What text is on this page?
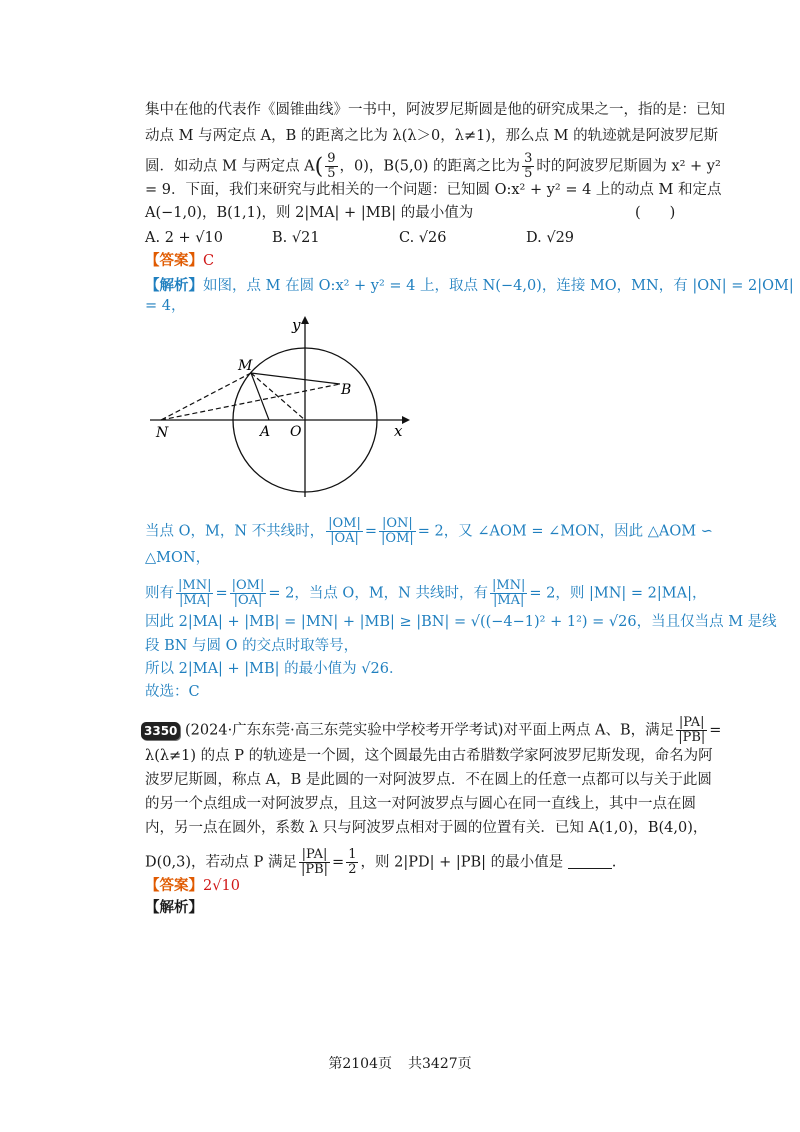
集中在他的代表作《圆锥曲线》一书中，阿波罗尼斯圆是他的研究成果之一，指的是：已知
动点 M 与两定点 A，B 的距离之比为 λ(λ＞0，λ≠1)，那么点 M 的轨迹就是阿波罗尼斯
圆．如动点 M 与两定点 $A( \frac{9}{5}$ ，0)，B(5,0) 的距离之比为 $\frac{3}{5}$ 时的阿波罗尼斯圆为 x² + y²
= 9．下面，我们来研究与此相关的一个问题：已知圆 O:x² + y² = 4 上的动点 M 和定点
A(−1,0)，B(1,1)，则 2|MA| + |MB| 的最小值为	(　　)
A. 2 + √10	B. √21	C. √26	D. √29
【答案】C
【解析】如图，点 M 在圆 O:x² + y² = 4 上，取点 N(−4,0)，连接 MO，MN，有 |ON| = 2|OM|
= 4，
y
x
M
B
N	A O
当点 O，M，N 不共线时， $\frac{|OM|}{|OA|} = \frac{|ON|}{|OM|} = 2$，又 ∠AOM = ∠MON，因此 △AOM ∽
△MON，
则有 $\frac{|MN|}{|MA|} = \frac{|OM|}{|OA|} = 2$，当点 O，M，N 共线时，有 $\frac{|MN|}{|MA|} = 2$，则 |MN| = 2|MA|，
因此 2|MA| + |MB| = |MN| + |MB| ≥ |BN| = √((−4−1)² + 1²) = √26，当且仅当点 M 是线
段 BN 与圆 O 的交点时取等号，
所以 2|MA| + |MB| 的最小值为 √26．
故选：C
3350 (2024·广东东莞·高三东莞实验中学校考开学考试)对平面上两点 A、B，满足 $\frac{|PA|}{|PB|}$ =
λ(λ≠1) 的点 P 的轨迹是一个圆，这个圆最先由古希腊数学家阿波罗尼斯发现，命名为阿
波罗尼斯圆，称点 A，B 是此圆的一对阿波罗点．不在圆上的任意一点都可以与关于此圆
的另一个点组成一对阿波罗点，且这一对阿波罗点与圆心在同一直线上，其中一点在圆
内，另一点在圆外，系数 λ 只与阿波罗点相对于圆的位置有关．已知 A(1,0)，B(4,0)，
D(0,3)，若动点 P 满足 $\frac{|PA|}{|PB|} = \frac{1}{2}$ ，则 2|PD| + |PB| 的最小值是	.
【答案】2√10
【解析】
第2104页 共3427页
